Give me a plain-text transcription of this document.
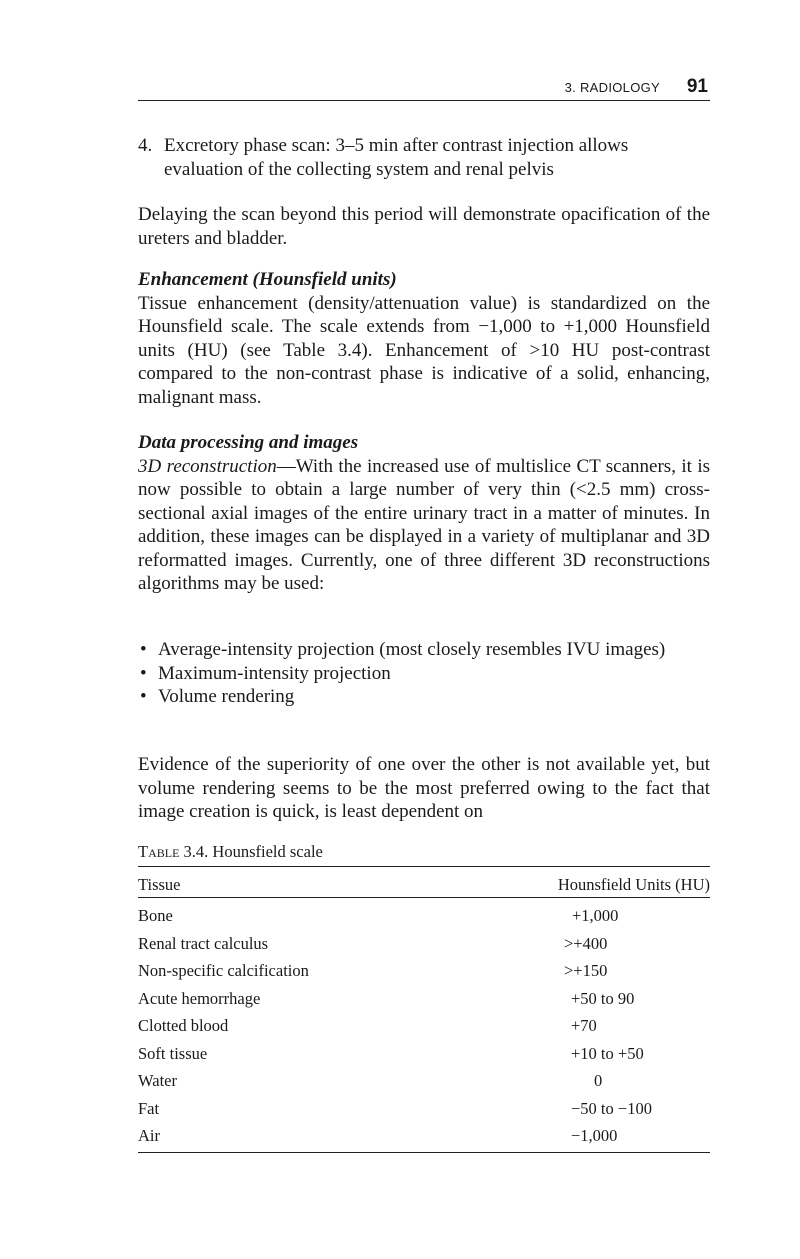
3. RADIOLOGY 91
4. Excretory phase scan: 3–5 min after contrast injection allows evaluation of the collecting system and renal pelvis

Delaying the scan beyond this period will demonstrate opacification of the ureters and bladder.

Enhancement (Hounsfield units)

Tissue enhancement (density/attenuation value) is standardized on the Hounsfield scale. The scale extends from −1,000 to +1,000 Hounsfield units (HU) (see Table 3.4). Enhancement of >10 HU post-contrast compared to the non-contrast phase is indicative of a solid, enhancing, malignant mass.

Data processing and images

3D reconstruction—With the increased use of multislice CT scanners, it is now possible to obtain a large number of very thin (<2.5 mm) cross-sectional axial images of the entire urinary tract in a matter of minutes. In addition, these images can be displayed in a variety of multiplanar and 3D reformatted images. Currently, one of three different 3D reconstructions algorithms may be used:

• Average-intensity projection (most closely resembles IVU images)
• Maximum-intensity projection
• Volume rendering

Evidence of the superiority of one over the other is not available yet, but volume rendering seems to be the most preferred owing to the fact that image creation is quick, is least dependent on

Table 3.4. Hounsfield scale
Tissue	Hounsfield Units (HU)
Bone	+1,000
Renal tract calculus	>+400
Non-specific calcification	>+150
Acute hemorrhage	+50 to 90
Clotted blood	+70
Soft tissue	+10 to +50
Water	0
Fat	−50 to −100
Air	−1,000
